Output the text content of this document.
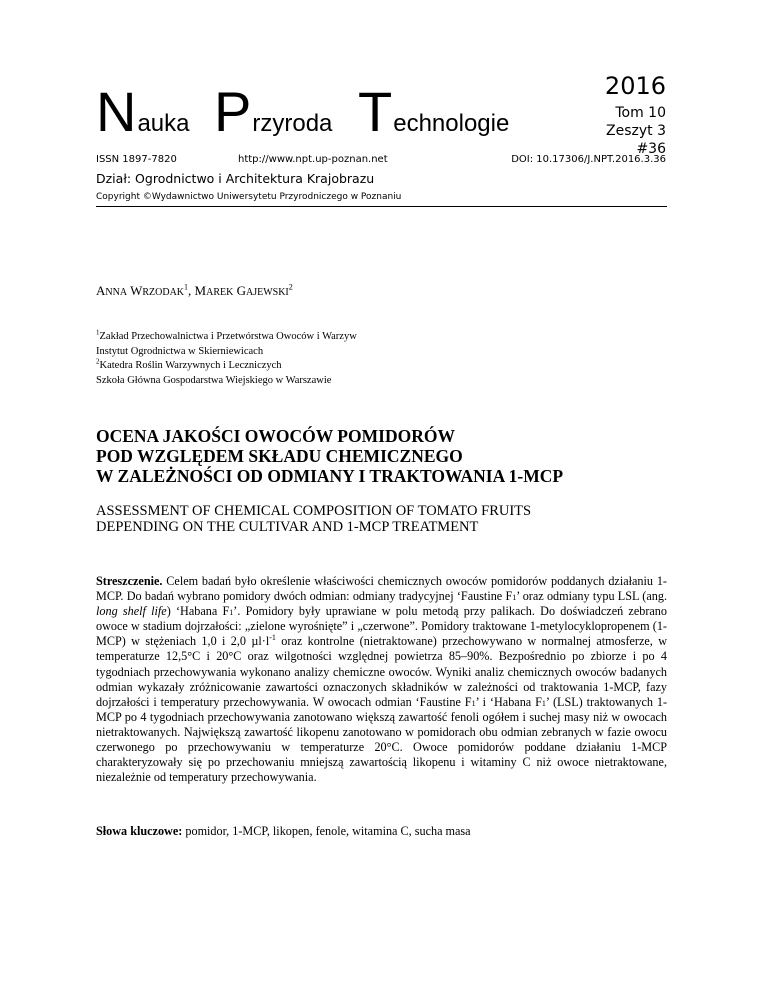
Nauka Przyroda Technologie
2016
Tom 10
Zeszyt 3
#36
ISSN 1897-7820	http://www.npt.up-poznan.net	DOI: 10.17306/J.NPT.2016.3.36
Dział: Ogrodnictwo i Architektura Krajobrazu
Copyright ©Wydawnictwo Uniwersytetu Przyrodniczego w Poznaniu
ANNA WRZODAK$^1$, MAREK GAJEWSKI$^2$
$^1$Zakład Przechowalnictwa i Przetwórstwa Owoców i Warzyw
Instytut Ogrodnictwa w Skierniewicach
$^2$Katedra Roślin Warzywnych i Leczniczych
Szkoła Główna Gospodarstwa Wiejskiego w Warszawie
OCENA JAKOŚCI OWOCÓW POMIDORÓW
POD WZGLĘDEM SKŁADU CHEMICZNEGO
W ZALEŻNOŚCI OD ODMIANY I TRAKTOWANIA 1-MCP
ASSESSMENT OF CHEMICAL COMPOSITION OF TOMATO FRUITS
DEPENDING ON THE CULTIVAR AND 1-MCP TREATMENT
Streszczenie. Celem badań było określenie właściwości chemicznych owoców pomidorów poddanych działaniu 1-MCP. Do badań wybrano pomidory dwóch odmian: odmiany tradycyjnej ‘Faustine F1’ oraz odmiany typu LSL (ang. long shelf life) ‘Habana F1’. Pomidory były uprawiane w polu metodą przy palikach. Do doświadczeń zebrano owoce w stadium dojrzałości: „zielone wyrośnięte” i „czerwone”. Pomidory traktowane 1-metylocyklopropenem (1-MCP) w stężeniach 1,0 i 2,0 $\mu l\cdot l^{-1}$ oraz kontrolne (nietraktowane) przechowywano w normalnej atmosferze, w temperaturze 12,5°C i 20°C oraz wilgotności względnej powietrza 85–90%. Bezpośrednio po zbiorze i po 4 tygodniach przechowywania wykonano analizy chemiczne owoców. Wyniki analiz chemicznych owoców badanych odmian wykazały zróżnicowanie zawartości oznaczonych składników w zależności od traktowania 1-MCP, fazy dojrzałości i temperatury przechowywania. W owocach odmian ‘Faustine F1’ i ‘Habana F1’ (LSL) traktowanych 1-MCP po 4 tygodniach przechowywania zanotowano większą zawartość fenoli ogółem i suchej masy niż w owocach nietraktowanych. Największą zawartość likopenu zanotowano w pomidorach obu odmian zebranych w fazie owocu czerwonego po przechowywaniu w temperaturze 20°C. Owoce pomidorów poddane działaniu 1-MCP charakteryzowały się po przechowaniu mniejszą zawartością likopenu i witaminy C niż owoce nietraktowane, niezależnie od temperatury przechowywania.
Słowa kluczowe: pomidor, 1-MCP, likopen, fenole, witamina C, sucha masa
